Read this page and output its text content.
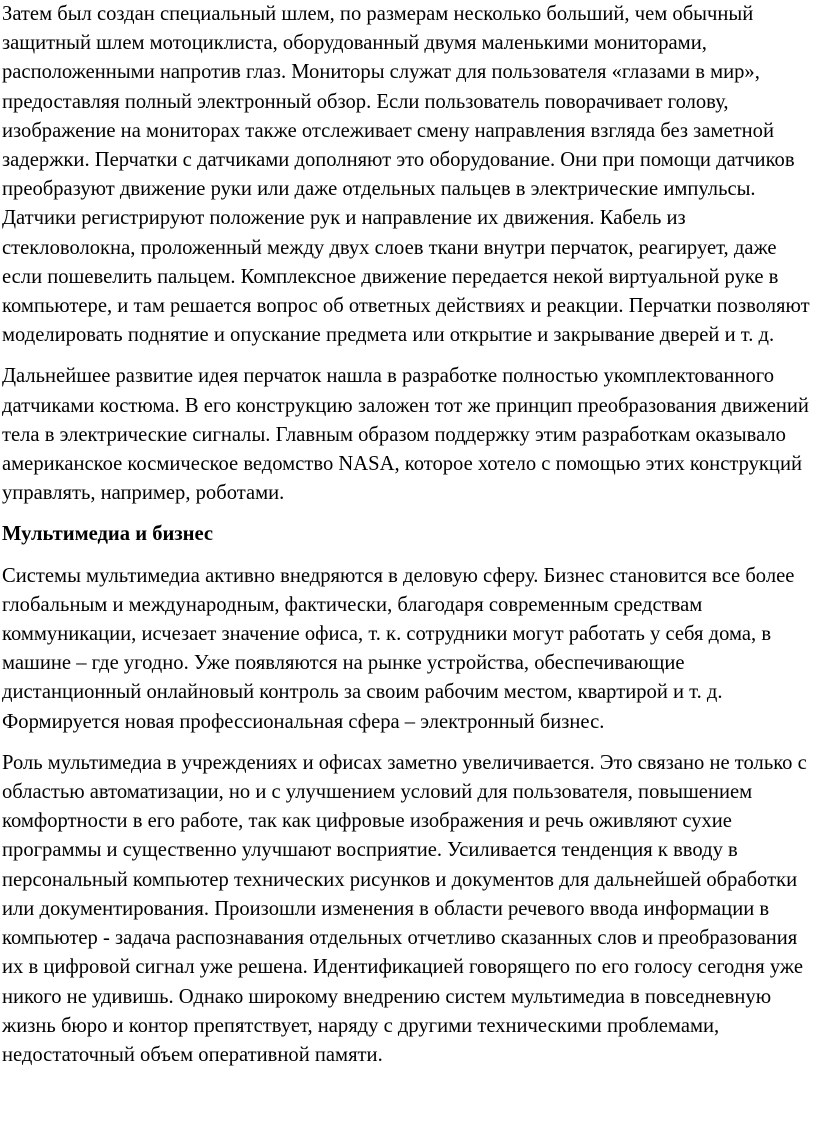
Затем был создан специальный шлем, по размерам несколько больший, чем обычный защитный шлем мотоциклиста, оборудованный двумя маленькими мониторами, расположенными напротив глаз. Мониторы служат для пользователя «глазами в мир», предоставляя полный электронный обзор. Если пользователь поворачивает голову, изображение на мониторах также отслеживает смену направления взгляда без заметной задержки. Перчатки с датчиками дополняют это оборудование. Они при помощи датчиков преобразуют движение руки или даже отдельных пальцев в электрические импульсы. Датчики регистрируют положение рук и направление их движения. Кабель из стекловолокна, проложенный между двух слоев ткани внутри перчаток, реагирует, даже если пошевелить пальцем. Комплексное движение передается некой виртуальной руке в компьютере, и там решается вопрос об ответных действиях и реакции. Перчатки позволяют моделировать поднятие и опускание предмета или открытие и закрывание дверей и т. д.

Дальнейшее развитие идея перчаток нашла в разработке полностью укомплектованного датчиками костюма. В его конструкцию заложен тот же принцип преобразования движений тела в электрические сигналы. Главным образом поддержку этим разработкам оказывало американское космическое ведомство NASA, которое хотело с помощью этих конструкций управлять, например, роботами.

Мультимедиа и бизнес

Системы мультимедиа активно внедряются в деловую сферу. Бизнес становится все более глобальным и международным, фактически, благодаря современным средствам коммуникации, исчезает значение офиса, т. к. сотрудники могут работать у себя дома, в машине – где угодно. Уже появляются на рынке устройства, обеспечивающие дистанционный онлайновый контроль за своим рабочим местом, квартирой и т. д. Формируется новая профессиональная сфера – электронный бизнес.

Роль мультимедиа в учреждениях и офисах заметно увеличивается. Это связано не только с областью автоматизации, но и с улучшением условий для пользователя, повышением комфортности в его работе, так как цифровые изображения и речь оживляют сухие программы и существенно улучшают восприятие. Усиливается тенденция к вводу в персональный компьютер технических рисунков и документов для дальнейшей обработки или документирования. Произошли изменения в области речевого ввода информации в компьютер - задача распознавания отдельных отчетливо сказанных слов и преобразования их в цифровой сигнал уже решена. Идентификацией говорящего по его голосу сегодня уже никого не удивишь. Однако широкому внедрению систем мультимедиа в повседневную жизнь бюро и контор препятствует, наряду с другими техническими проблемами, недостаточный объем оперативной памяти.
